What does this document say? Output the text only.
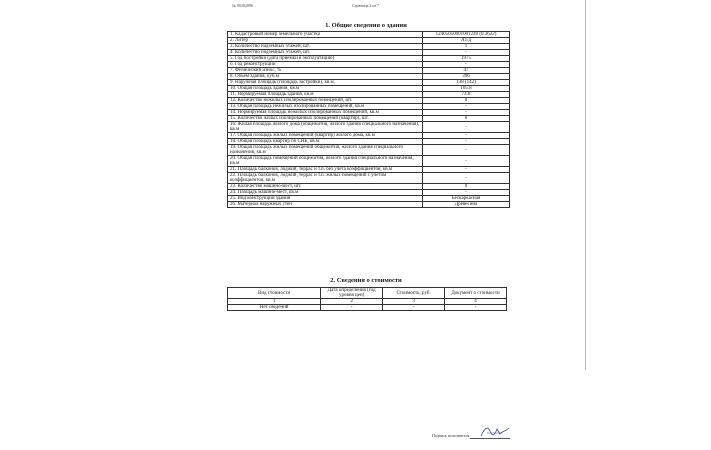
№ 00302096	Страница 2 из 7
1. Общие сведения о здании
1. Кадастровый номер земельного участка	12405050001001240 (0.3622)
2. Литер	А1/д
3. Количество надземных этажей, шт.	1
4. Количество подземных этажей, шт.	-
5. Год постройки (дата приемки в эксплуатацию)	1975
6. Год реконструкции	-
7. Физический износ, %	47
8. Объем здания, куб.м	396
9. Наружная площадь (площадь застройки), кв.м.	138 (142)
10. Общая площадь здания, кв.м	105.8
11. Нормируемая площадь здания, кв.м	74.8
12. Количество нежилых изолированных помещений, шт.	0
13. Общая площадь нежилых изолированных помещений, кв.м	-
14. Нормируемая площадь нежилых изолированных помещений, кв.м	-
15. Количество жилых изолированных помещений (квартир), шт.	0
16. Жилая площадь жилого дома (общежития, жилого здания специального назначения), кв.м	-
17. Общая площадь жилых помещений (квартир) жилого дома, кв.м	-
18. Общая площадь квартир по СНБ, кв.м	-
19. Общая площадь жилых помещений общежития, жилого здания специального назначения, кв.м	-
20. Общая площадь помещений общежития, жилого здания специального назначения, кв.м	-
21. Площадь балконов, лоджий, террас и т.п. без учета коэффициентов, кв.м	-
22. Площадь балконов, лоджий, террас и т.п. жилых помещений с учетом коэффициентов, кв.м	-
23. Количество машино-мест, шт.	0
24. Площадь машино-мест, кв.м	-
25. Вид конструкции здания	Бескаркасная
26. Материал наружных стен	Древесина
2. Сведения о стоимости
Вид стоимости	Дата определения (год уровня цен)	Стоимость, руб.	Документ о стоимости
1	2	3	4
Нет сведений	-	-	-
Подпись исполнителя
